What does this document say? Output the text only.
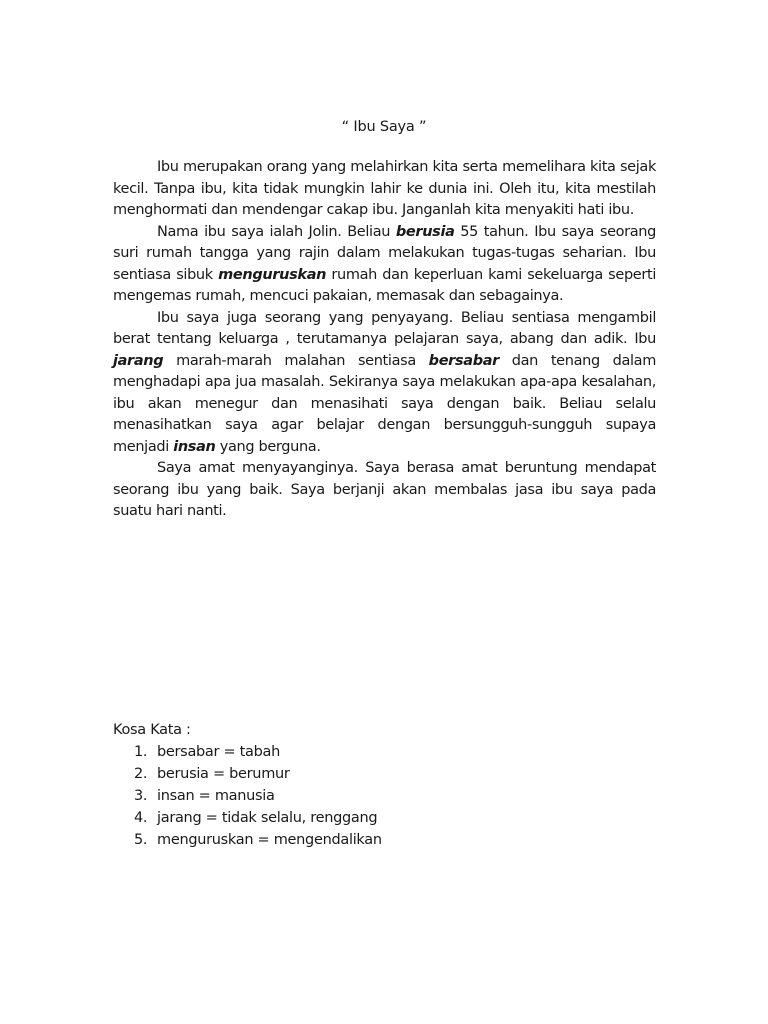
“ Ibu Saya ”

Ibu merupakan orang yang melahirkan kita serta memelihara kita sejak kecil. Tanpa ibu, kita tidak mungkin lahir ke dunia ini. Oleh itu, kita mestilah menghormati dan mendengar cakap ibu. Janganlah kita menyakiti hati ibu.

Nama ibu saya ialah Jolin. Beliau berusia 55 tahun. Ibu saya seorang suri rumah tangga yang rajin dalam melakukan tugas-tugas seharian. Ibu sentiasa sibuk menguruskan rumah dan keperluan kami sekeluarga seperti mengemas rumah, mencuci pakaian, memasak dan sebagainya.

Ibu saya juga seorang yang penyayang. Beliau sentiasa mengambil berat tentang keluarga , terutamanya pelajaran saya, abang dan adik. Ibu jarang marah-marah malahan sentiasa bersabar dan tenang dalam menghadapi apa jua masalah. Sekiranya saya melakukan apa-apa kesalahan, ibu akan menegur dan menasihati saya dengan baik. Beliau selalu menasihatkan saya agar belajar dengan bersungguh-sungguh supaya menjadi insan yang berguna.

Saya amat menyayanginya. Saya berasa amat beruntung mendapat seorang ibu yang baik. Saya berjanji akan membalas jasa ibu saya pada suatu hari nanti.

Kosa Kata :

1. bersabar = tabah
2. berusia = berumur
3. insan = manusia
4. jarang = tidak selalu, renggang
5. menguruskan = mengendalikan
